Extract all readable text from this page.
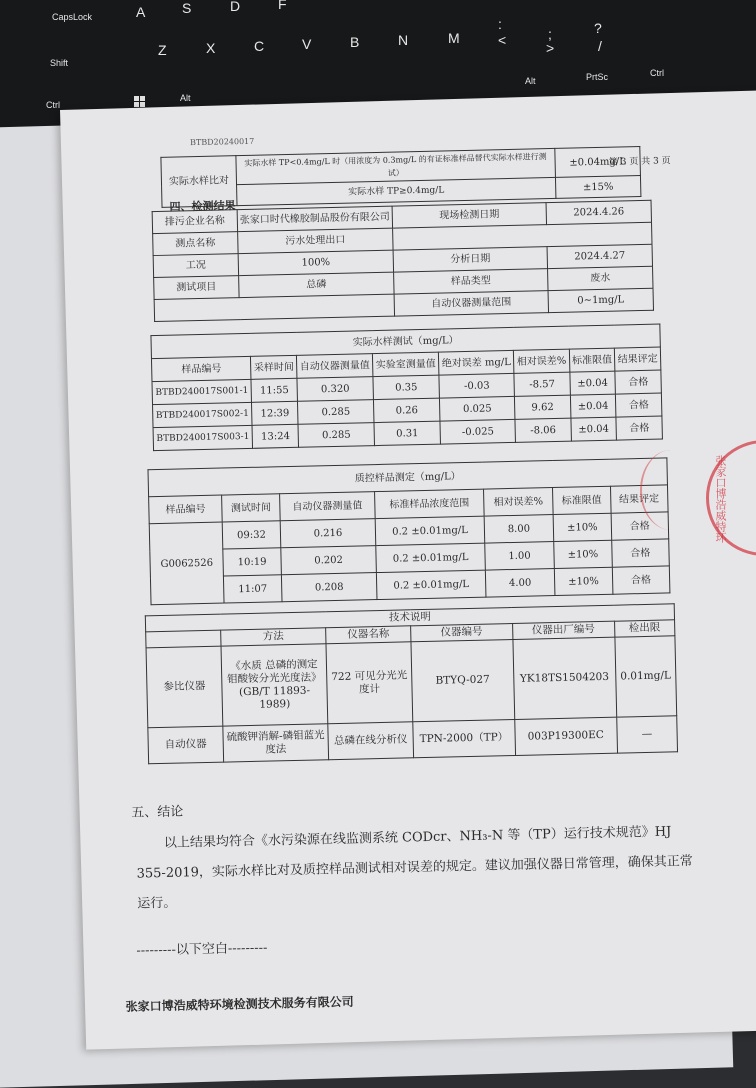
CapsLock	A	S	D	F
:
;	?
/
Shift
Z	X	C	V	B	N	M	<	>
Alt	PrtSc	Ctrl
Ctrl
Alt
BTBD20240017
第 3 页 共 3 页
实际水样比对	实际水样 TP<0.4mg/L 时（用浓度为 0.3mg/L 的有证标准样品替代实际水样进行测试）	±0.04mg/L
	实际水样 TP≥0.4mg/L	±15%
四、检测结果
排污企业名称	张家口时代橡胶制品股份有限公司	现场检测日期	2024.4.26
测点名称	污水处理出口		
工况	100%	分析日期	2024.4.27
测试项目	总磷	样品类型	废水
		自动仪器测量范围	0~1mg/L
实际水样测试（mg/L）							
样品编号	采样时间	自动仪器测量值	实验室测量值	绝对误差 mg/L	相对误差%	标准限值	结果评定
BTBD240017S001-1	11:55	0.320	0.35	-0.03	-8.57	±0.04	合格
BTBD240017S002-1	12:39	0.285	0.26	0.025	9.62	±0.04	合格
BTBD240017S003-1	13:24	0.285	0.31	-0.025	-8.06	±0.04	合格
质控样品测定（mg/L）						
样品编号	测试时间	自动仪器测量值	标准样品浓度范围	相对误差%	标准限值	结果评定
G0062526	09:32	0.216	0.2 ±0.01mg/L	8.00	±10%	合格
	10:19	0.202	0.2 ±0.01mg/L	1.00	±10%	合格
	11:07	0.208	0.2 ±0.01mg/L	4.00	±10%	合格
技术说明					
	方法	仪器名称	仪器编号	仪器出厂编号	检出限
参比仪器	《水质 总磷的测定 钼酸铵分光光度法》(GB/T 11893-1989)	722 可见分光光度计	BTYQ-027	YK18TS1504203	0.01mg/L
自动仪器	硫酸钾消解-磷钼蓝光度法	总磷在线分析仪	TPN-2000（TP）	003P19300EC	—
五、结论
以上结果均符合《水污染源在线监测系统 CODcr、NH₃-N 等（TP）运行技术规范》HJ 355-2019，实际水样比对及质控样品测试相对误差的规定。建议加强仪器日常管理，确保其正常运行。
---------以下空白---------
张家口博浩威特环境检测技术服务有限公司
张家口博浩威特环
